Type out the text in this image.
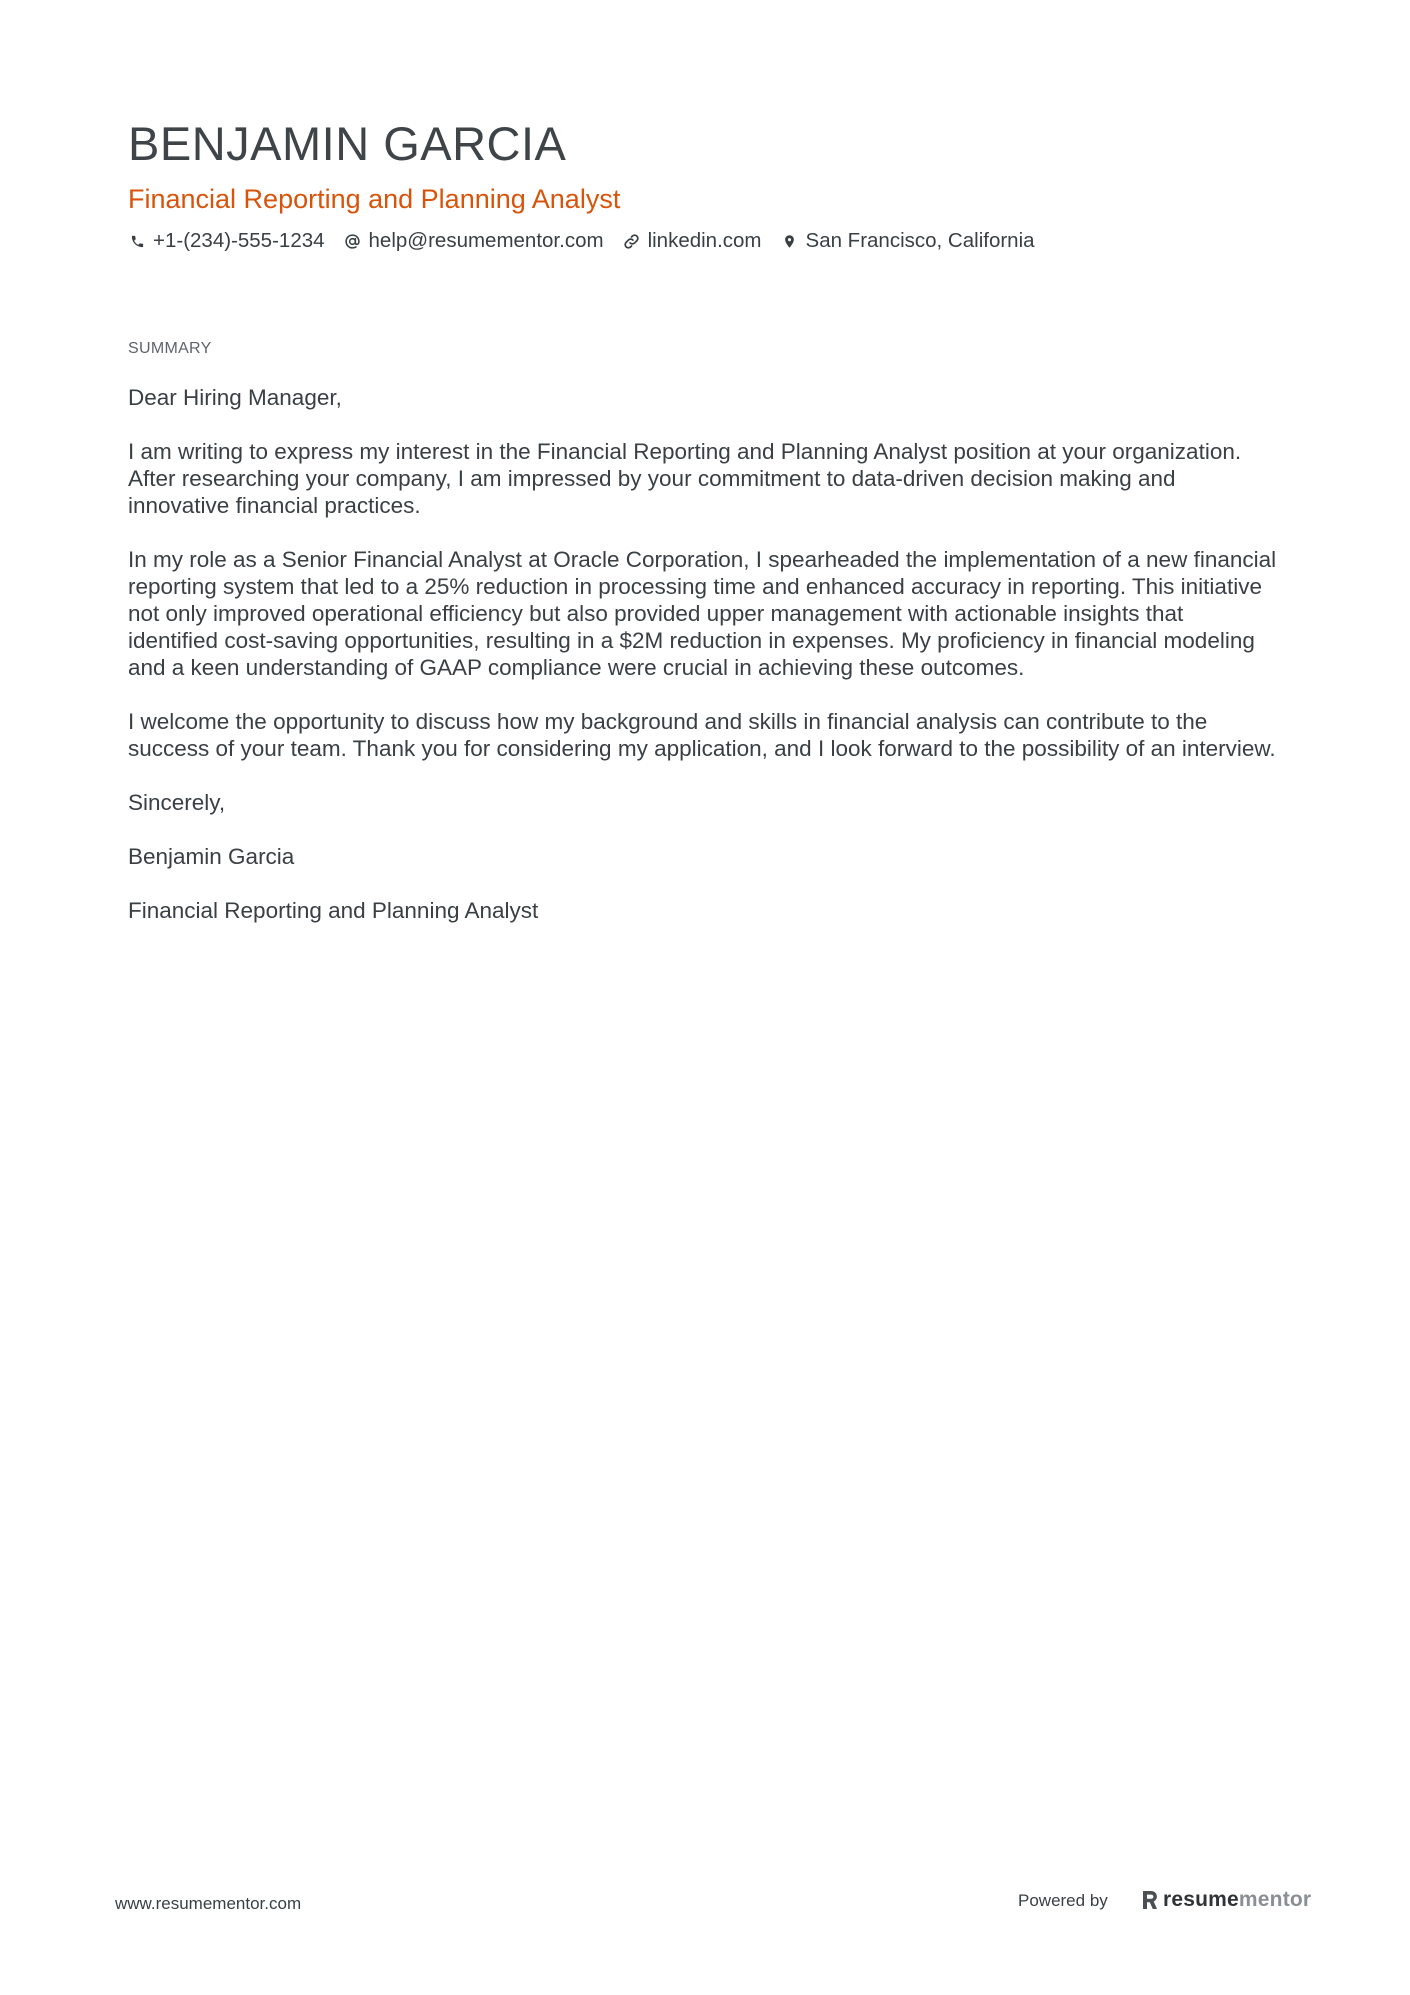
BENJAMIN GARCIA
Financial Reporting and Planning Analyst
+1-(234)-555-1234 help@resumementor.com linkedin.com San Francisco, California
SUMMARY

Dear Hiring Manager,

I am writing to express my interest in the Financial Reporting and Planning Analyst position at your organization. After researching your company, I am impressed by your commitment to data-driven decision making and innovative financial practices.

In my role as a Senior Financial Analyst at Oracle Corporation, I spearheaded the implementation of a new financial reporting system that led to a 25% reduction in processing time and enhanced accuracy in reporting. This initiative not only improved operational efficiency but also provided upper management with actionable insights that identified cost-saving opportunities, resulting in a $2M reduction in expenses. My proficiency in financial modeling and a keen understanding of GAAP compliance were crucial in achieving these outcomes.

I welcome the opportunity to discuss how my background and skills in financial analysis can contribute to the success of your team. Thank you for considering my application, and I look forward to the possibility of an interview.

Sincerely,

Benjamin Garcia

Financial Reporting and Planning Analyst

www.resumementor.com	Powered by	resume mentor
